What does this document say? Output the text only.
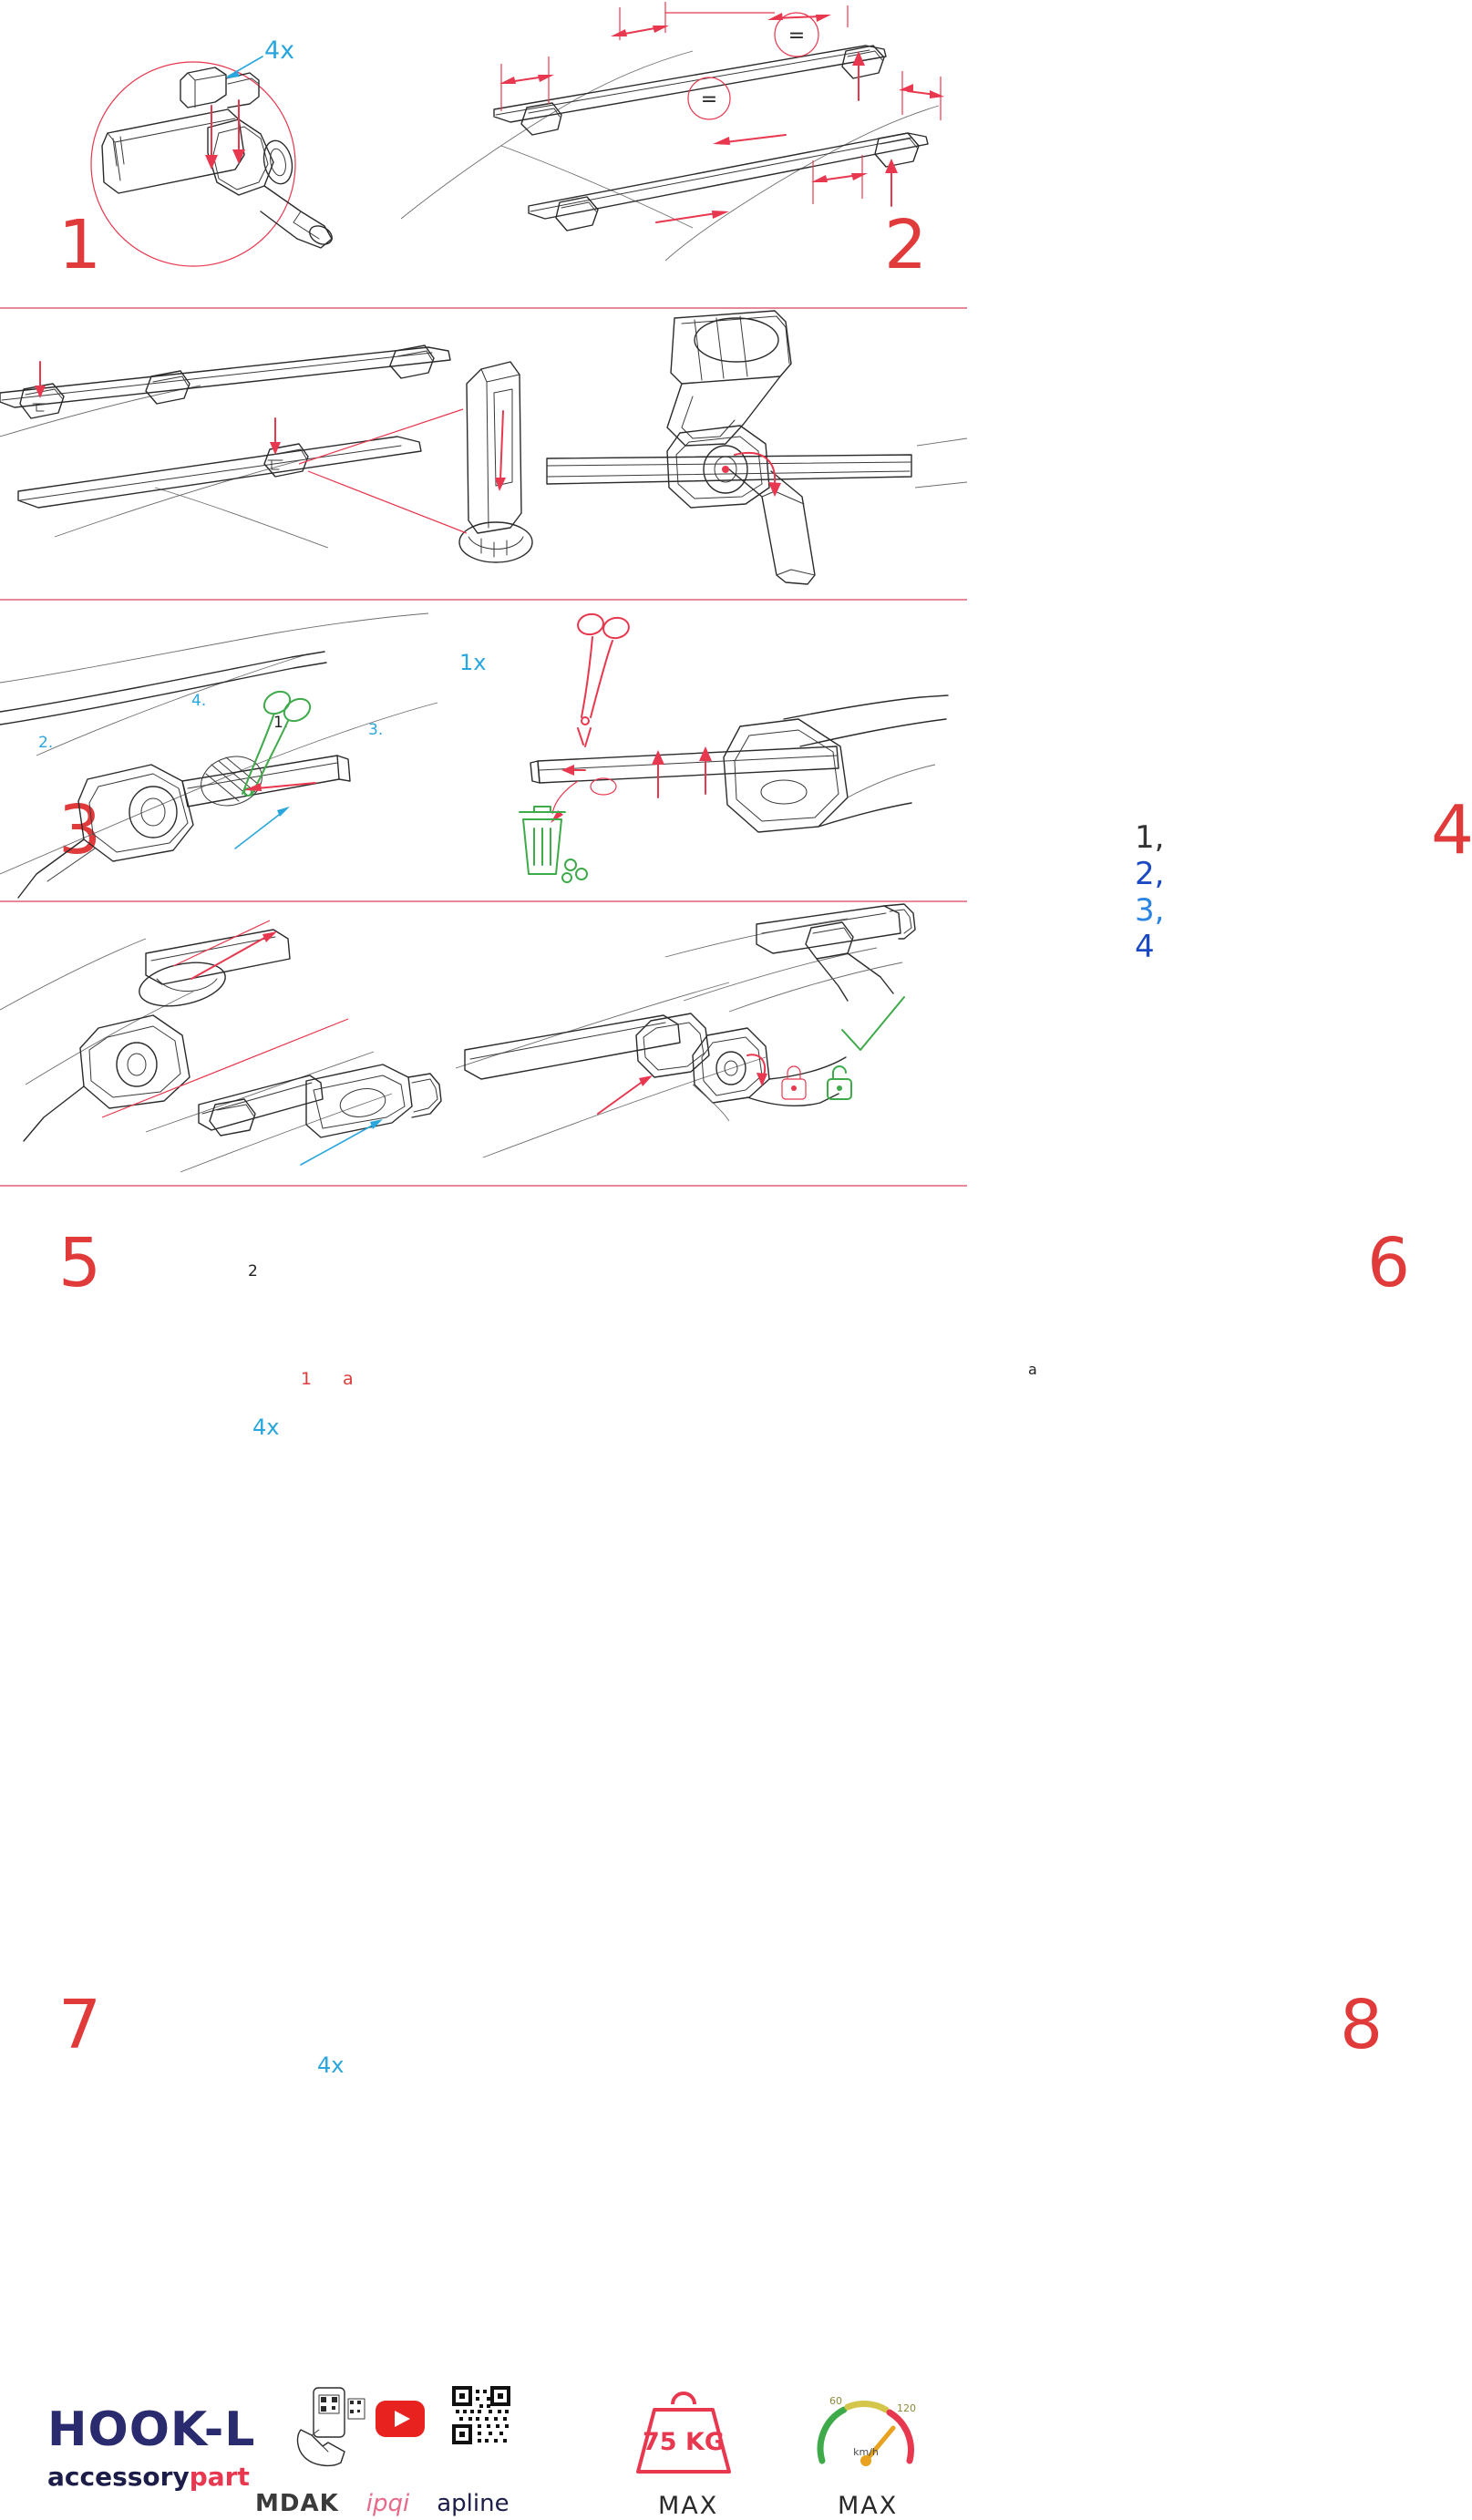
4x
1
=
=
2
1.
2.
3.
4.
1x
3	1, 2, 3, 4
4
2
1 a
4x
5
a
6
4x
7	8
HOOK-L
accessorypart
MDAK ipqi apline
75 KG
MAX
60
120
km/h
MAX
